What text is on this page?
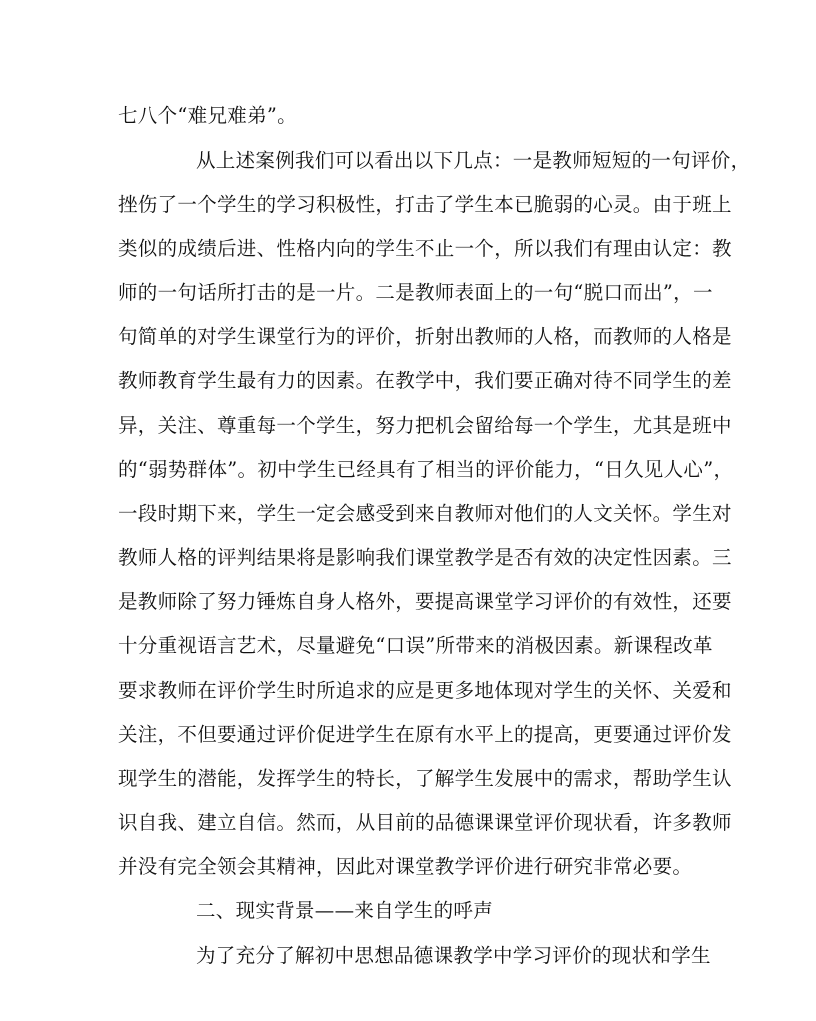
七八个“难兄难弟”。
从上述案例我们可以看出以下几点：一是教师短短的一句评价，
挫伤了一个学生的学习积极性，打击了学生本已脆弱的心灵。由于班上
类似的成绩后进、性格内向的学生不止一个，所以我们有理由认定：教
师的一句话所打击的是一片。二是教师表面上的一句“脱口而出”，一
句简单的对学生课堂行为的评价，折射出教师的人格，而教师的人格是
教师教育学生最有力的因素。在教学中，我们要正确对待不同学生的差
异，关注、尊重每一个学生，努力把机会留给每一个学生，尤其是班中
的“弱势群体”。初中学生已经具有了相当的评价能力，“日久见人心”，
一段时期下来，学生一定会感受到来自教师对他们的人文关怀。学生对
教师人格的评判结果将是影响我们课堂教学是否有效的决定性因素。三
是教师除了努力锤炼自身人格外，要提高课堂学习评价的有效性，还要
十分重视语言艺术，尽量避免“口误”所带来的消极因素。新课程改革
要求教师在评价学生时所追求的应是更多地体现对学生的关怀、关爱和
关注，不但要通过评价促进学生在原有水平上的提高，更要通过评价发
现学生的潜能，发挥学生的特长，了解学生发展中的需求，帮助学生认
识自我、建立自信。然而，从目前的品德课课堂评价现状看，许多教师
并没有完全领会其精神，因此对课堂教学评价进行研究非常必要。
二、现实背景——来自学生的呼声
为了充分了解初中思想品德课教学中学习评价的现状和学生
